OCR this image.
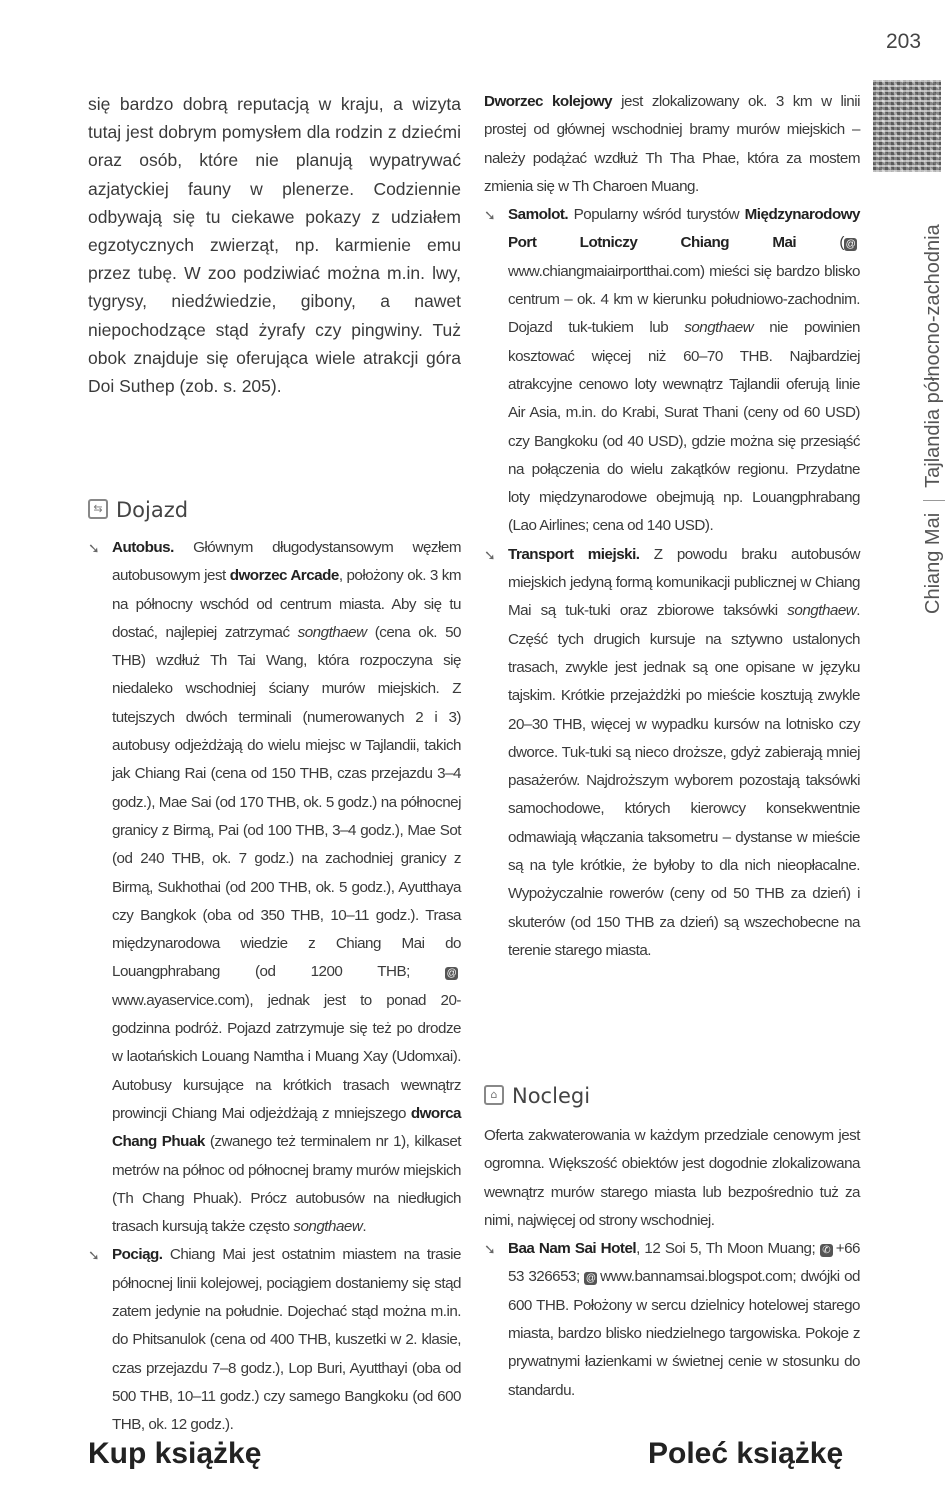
203
Chiang MaiTajlandia północno-zachodnia
się bardzo dobrą reputacją w kraju, a wizyta tutaj jest dobrym pomysłem dla rodzin z dziećmi oraz osób, które nie planują wypatrywać azjatyckiej fauny w plenerze. Codziennie odbywają się tu ciekawe pokazy z udziałem egzotycznych zwierząt, np. karmienie emu przez tubę. W zoo podziwiać można m.in. lwy, tygrysy, niedźwiedzie, gibony, a nawet niepochodzące stąd żyrafy czy pingwiny. Tuż obok znajduje się oferująca wiele atrakcji góra Doi Suthep (zob. s. 205).
⇆ Dojazd

➘ Autobus. Głównym długodystansowym węzłem autobusowym jest dworzec Arcade, położony ok. 3 km na północny wschód od centrum miasta. Aby się tu dostać, najlepiej zatrzymać songthaew (cena ok. 50 THB) wzdłuż Th Tai Wang, która rozpoczyna się niedaleko wschodniej ściany murów miejskich. Z tutejszych dwóch terminali (numerowanych 2 i 3) autobusy odjeżdżają do wielu miejsc w Tajlandii, takich jak Chiang Rai (cena od 150 THB, czas przejazdu 3–4 godz.), Mae Sai (od 170 THB, ok. 5 godz.) na północnej granicy z Birmą, Pai (od 100 THB, 3–4 godz.), Mae Sot (od 240 THB, ok. 7 godz.) na zachodniej granicy z Birmą, Sukhothai (od 200 THB, ok. 5 godz.), Ayutthaya czy Bangkok (oba od 350 THB, 10–11 godz.). Trasa międzynarodowa wiedzie z Chiang Mai do Louangphrabang (od 1200 THB; @www.ayaservice.com), jednak jest to ponad 20-godzinna podróż. Pojazd zatrzymuje się też po drodze w laotańskich Louang Namtha i Muang Xay (Udomxai). Autobusy kursujące na krótkich trasach wewnątrz prowincji Chiang Mai odjeżdżają z mniejszego dworca Chang Phuak (zwanego też terminalem nr 1), kilkaset metrów na północ od północnej bramy murów miejskich (Th Chang Phuak). Prócz autobusów na niedługich trasach kursują także często songthaew.

➘ Pociąg. Chiang Mai jest ostatnim miastem na trasie północnej linii kolejowej, pociągiem dostaniemy się stąd zatem jedynie na południe. Dojechać stąd można m.in. do Phitsanulok (cena od 400 THB, kuszetki w 2. klasie, czas przejazdu 7–8 godz.), Lop Buri, Ayutthayi (oba od 500 THB, 10–11 godz.) czy samego Bangkoku (od 600 THB, ok. 12 godz.).

Dworzec kolejowy jest zlokalizowany ok. 3 km w linii prostej od głównej wschodniej bramy murów miejskich – należy podążać wzdłuż Th Tha Phae, która za mostem zmienia się w Th Charoen Muang.

➘ Samolot. Popularny wśród turystów Międzynarodowy Port Lotniczy Chiang Mai ( @www.chiangmaiairportthai.com) mieści się bardzo blisko centrum – ok. 4 km w kierunku południowo-zachodnim. Dojazd tuk-tukiem lub songthaew nie powinien kosztować więcej niż 60–70 THB. Najbardziej atrakcyjne cenowo loty wewnątrz Tajlandii oferują linie Air Asia, m.in. do Krabi, Surat Thani (ceny od 60 USD) czy Bangkoku (od 40 USD), gdzie można się przesiąść na połączenia do wielu zakątków regionu. Przydatne loty międzynarodowe obejmują np. Louangphrabang (Lao Airlines; cena od 140 USD).

➘ Transport miejski. Z powodu braku autobusów miejskich jedyną formą komunikacji publicznej w Chiang Mai są tuk-tuki oraz zbiorowe taksówki songthaew. Część tych drugich kursuje na sztywno ustalonych trasach, zwykle jest jednak są one opisane w języku tajskim. Krótkie przejażdżki po mieście kosztują zwykle 20–30 THB, więcej w wypadku kursów na lotnisko czy dworce. Tuk-tuki są nieco droższe, gdyż zabierają mniej pasażerów. Najdroższym wyborem pozostają taksówki samochodowe, których kierowcy konsekwentnie odmawiają włączania taksometru – dystanse w mieście są na tyle krótkie, że byłoby to dla nich nieopłacalne. Wypożyczalnie rowerów (ceny od 50 THB za dzień) i skuterów (od 150 THB za dzień) są wszechobecne na terenie starego miasta.

⌂ Noclegi

Oferta zakwaterowania w każdym przedziale cenowym jest ogromna. Większość obiektów jest dogodnie zlokalizowana wewnątrz murów starego miasta lub bezpośrednio tuż za nimi, najwięcej od strony wschodniej.

➘ Baa Nam Sai Hotel, 12 Soi 5, Th Moon Muang; ✆ +66 53 326653; @ www.bannamsai.blogspot.com; dwójki od 600 THB. Położony w sercu dzielnicy hotelowej starego miasta, bardzo blisko niedzielnego targowiska. Pokoje z prywatnymi łazienkami w świetnej cenie w stosunku do standardu.

Kup książkę	Poleć książkę
